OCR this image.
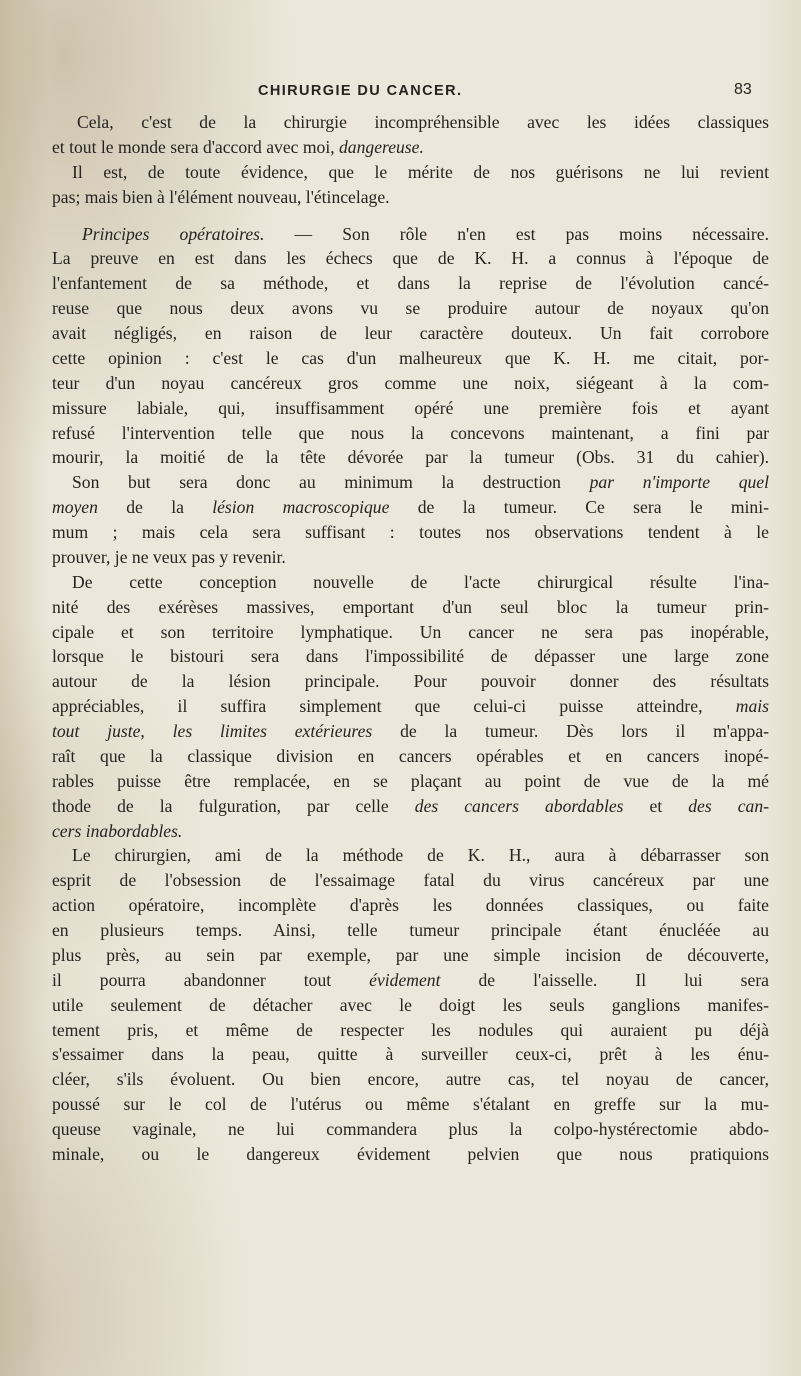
CHIRURGIE DU CANCER.	83
Cela, c'est de la chirurgie incompréhensible avec les idées classiques
et tout le monde sera d'accord avec moi, dangereuse.
Il est, de toute évidence, que le mérite de nos guérisons ne lui revient
pas; mais bien à l'élément nouveau, l'étincelage.
Principes opératoires. — Son rôle n'en est pas moins nécessaire.
La preuve en est dans les échecs que de K. H. a connus à l'époque de
l'enfantement de sa méthode, et dans la reprise de l'évolution cancé-
reuse que nous deux avons vu se produire autour de noyaux qu'on
avait négligés, en raison de leur caractère douteux. Un fait corrobore
cette opinion : c'est le cas d'un malheureux que K. H. me citait, por-
teur d'un noyau cancéreux gros comme une noix, siégeant à la com-
missure labiale, qui, insuffisamment opéré une première fois et ayant
refusé l'intervention telle que nous la concevons maintenant, a fini par
mourir, la moitié de la tête dévorée par la tumeur (Obs. 31 du cahier).
Son but sera donc au minimum la destruction par n'importe quel
moyen de la lésion macroscopique de la tumeur. Ce sera le mini-
mum ; mais cela sera suffisant : toutes nos observations tendent à le
prouver, je ne veux pas y revenir.
De cette conception nouvelle de l'acte chirurgical résulte l'ina-
nité des exérèses massives, emportant d'un seul bloc la tumeur prin-
cipale et son territoire lymphatique. Un cancer ne sera pas inopérable,
lorsque le bistouri sera dans l'impossibilité de dépasser une large zone
autour de la lésion principale. Pour pouvoir donner des résultats
appréciables, il suffira simplement que celui-ci puisse atteindre, mais
tout juste, les limites extérieures de la tumeur. Dès lors il m'appa-
raît que la classique division en cancers opérables et en cancers inopé-
rables puisse être remplacée, en se plaçant au point de vue de la mé
thode de la fulguration, par celle des cancers abordables et des can-
cers inabordables.
Le chirurgien, ami de la méthode de K. H., aura à débarrasser son
esprit de l'obsession de l'essaimage fatal du virus cancéreux par une
action opératoire, incomplète d'après les données classiques, ou faite
en plusieurs temps. Ainsi, telle tumeur principale étant énucléée au
plus près, au sein par exemple, par une simple incision de découverte,
il pourra abandonner tout évidement de l'aisselle. Il lui sera
utile seulement de détacher avec le doigt les seuls ganglions manifes-
tement pris, et même de respecter les nodules qui auraient pu déjà
s'essaimer dans la peau, quitte à surveiller ceux-ci, prêt à les énu-
cléer, s'ils évoluent. Ou bien encore, autre cas, tel noyau de cancer,
poussé sur le col de l'utérus ou même s'étalant en greffe sur la mu-
queuse vaginale, ne lui commandera plus la colpo-hystérectomie abdo-
minale, ou le dangereux évidement pelvien que nous pratiquions
